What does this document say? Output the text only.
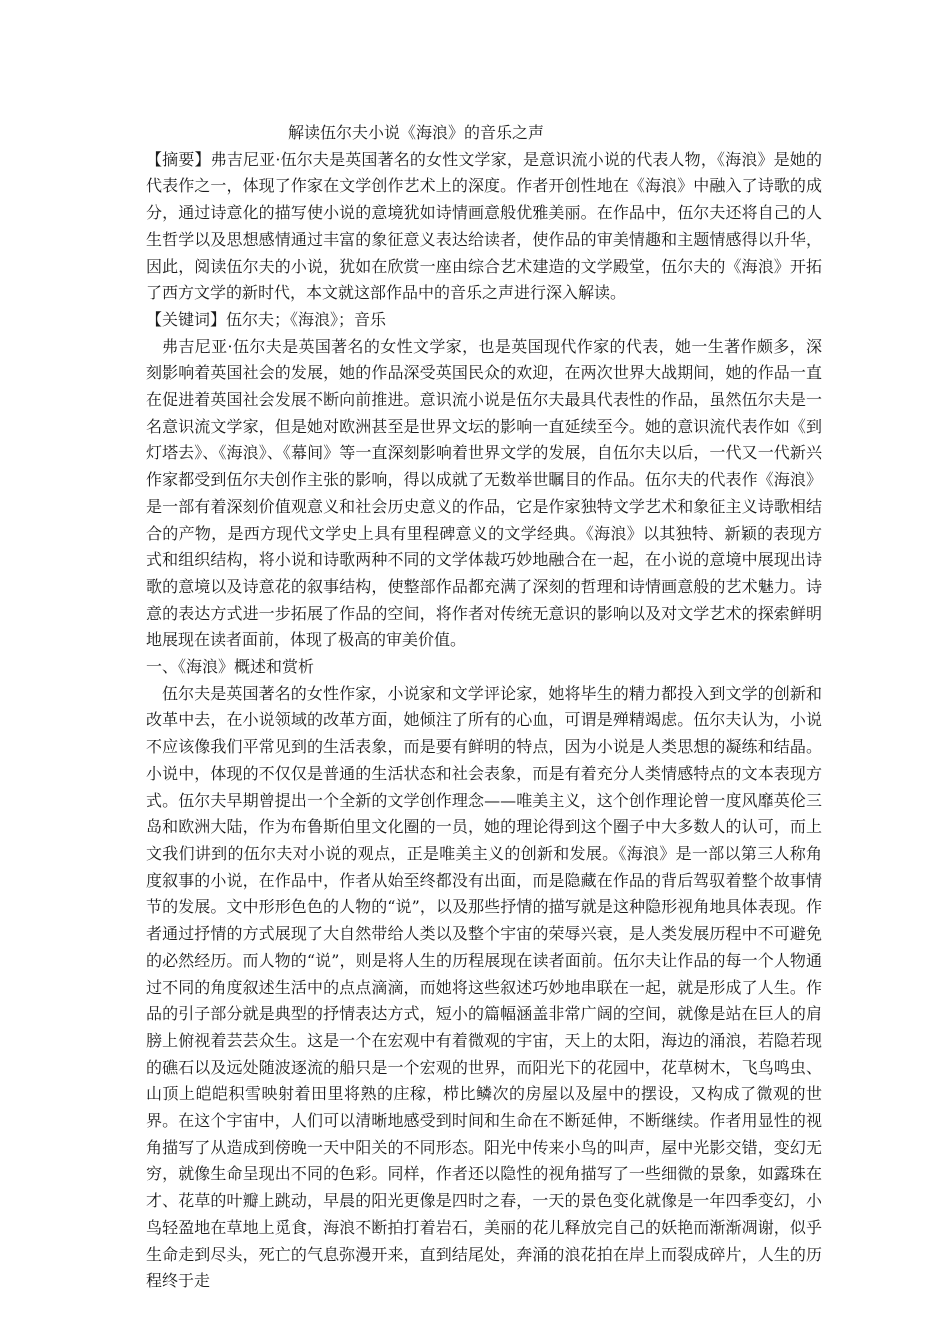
解读伍尔夫小说《海浪》的音乐之声

【摘要】弗吉尼亚·伍尔夫是英国著名的女性文学家，是意识流小说的代表人物，《海浪》是她的代表作之一，体现了作家在文学创作艺术上的深度。作者开创性地在《海浪》中融入了诗歌的成分，通过诗意化的描写使小说的意境犹如诗情画意般优雅美丽。在作品中，伍尔夫还将自己的人生哲学以及思想感情通过丰富的象征意义表达给读者，使作品的审美情趣和主题情感得以升华，因此，阅读伍尔夫的小说，犹如在欣赏一座由综合艺术建造的文学殿堂，伍尔夫的《海浪》开拓了西方文学的新时代，本文就这部作品中的音乐之声进行深入解读。

【关键词】伍尔夫；《海浪》；音乐

弗吉尼亚·伍尔夫是英国著名的女性文学家，也是英国现代作家的代表，她一生著作颇多，深刻影响着英国社会的发展，她的作品深受英国民众的欢迎，在两次世界大战期间，她的作品一直在促进着英国社会发展不断向前推进。意识流小说是伍尔夫最具代表性的作品，虽然伍尔夫是一名意识流文学家，但是她对欧洲甚至是世界文坛的影响一直延续至今。她的意识流代表作如《到灯塔去》、《海浪》、《幕间》等一直深刻影响着世界文学的发展，自伍尔夫以后，一代又一代新兴作家都受到伍尔夫创作主张的影响，得以成就了无数举世瞩目的作品。伍尔夫的代表作《海浪》是一部有着深刻价值观意义和社会历史意义的作品，它是作家独特文学艺术和象征主义诗歌相结合的产物，是西方现代文学史上具有里程碑意义的文学经典。《海浪》以其独特、新颖的表现方式和组织结构，将小说和诗歌两种不同的文学体裁巧妙地融合在一起，在小说的意境中展现出诗歌的意境以及诗意花的叙事结构，使整部作品都充满了深刻的哲理和诗情画意般的艺术魅力。诗意的表达方式进一步拓展了作品的空间，将作者对传统无意识的影响以及对文学艺术的探索鲜明地展现在读者面前，体现了极高的审美价值。

一、《海浪》概述和赏析

伍尔夫是英国著名的女性作家，小说家和文学评论家，她将毕生的精力都投入到文学的创新和改革中去，在小说领域的改革方面，她倾注了所有的心血，可谓是殚精竭虑。伍尔夫认为，小说不应该像我们平常见到的生活表象，而是要有鲜明的特点，因为小说是人类思想的凝练和结晶。小说中，体现的不仅仅是普通的生活状态和社会表象，而是有着充分人类情感特点的文本表现方式。伍尔夫早期曾提出一个全新的文学创作理念——唯美主义，这个创作理论曾一度风靡英伦三岛和欧洲大陆，作为布鲁斯伯里文化圈的一员，她的理论得到这个圈子中大多数人的认可，而上文我们讲到的伍尔夫对小说的观点，正是唯美主义的创新和发展。《海浪》是一部以第三人称角度叙事的小说，在作品中，作者从始至终都没有出面，而是隐藏在作品的背后驾驭着整个故事情节的发展。文中形形色色的人物的“说”，以及那些抒情的描写就是这种隐形视角地具体表现。作者通过抒情的方式展现了大自然带给人类以及整个宇宙的荣辱兴衰，是人类发展历程中不可避免的必然经历。而人物的“说”，则是将人生的历程展现在读者面前。伍尔夫让作品的每一个人物通过不同的角度叙述生活中的点点滴滴，而她将这些叙述巧妙地串联在一起，就是形成了人生。作品的引子部分就是典型的抒情表达方式，短小的篇幅涵盖非常广阔的空间，就像是站在巨人的肩膀上俯视着芸芸众生。这是一个在宏观中有着微观的宇宙，天上的太阳，海边的涌浪，若隐若现的礁石以及远处随波逐流的船只是一个宏观的世界，而阳光下的花园中，花草树木，飞鸟鸣虫、山顶上皑皑积雪映射着田里将熟的庄稼，栉比鳞次的房屋以及屋中的摆设，又构成了微观的世界。在这个宇宙中，人们可以清晰地感受到时间和生命在不断延伸，不断继续。作者用显性的视角描写了从造成到傍晚一天中阳关的不同形态。阳光中传来小鸟的叫声，屋中光影交错，变幻无穷，就像生命呈现出不同的色彩。同样，作者还以隐性的视角描写了一些细微的景象，如露珠在才、花草的叶瓣上跳动，早晨的阳光更像是四时之春，一天的景色变化就像是一年四季变幻，小鸟轻盈地在草地上觅食，海浪不断拍打着岩石，美丽的花儿释放完自己的妖艳而渐渐凋谢，似乎生命走到尽头，死亡的气息弥漫开来，直到结尾处，奔涌的浪花拍在岸上而裂成碎片，人生的历程终于走
